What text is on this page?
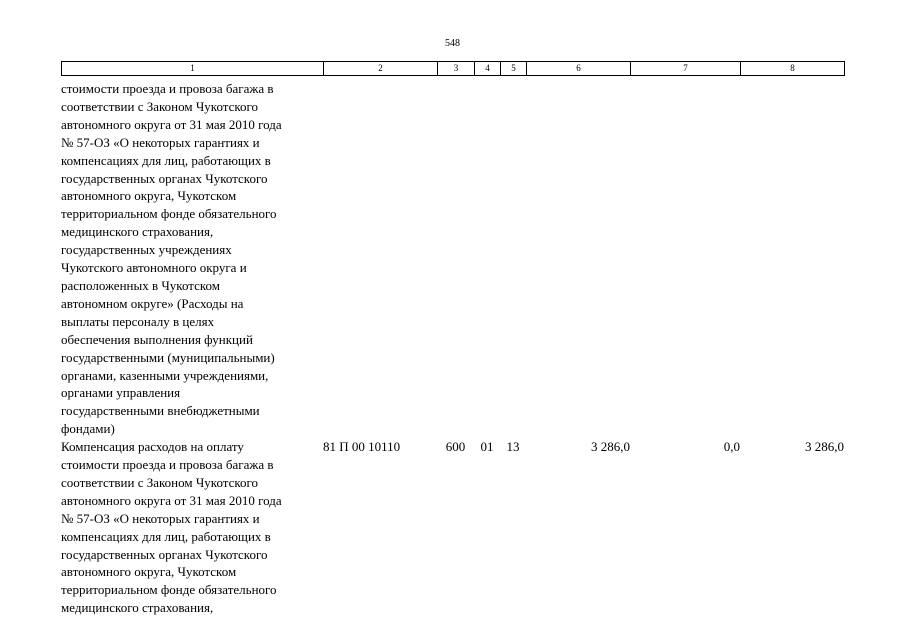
548
1	2	3	4	5	6	7	8
стоимости проезда и провоза багажа в
соответствии с Законом Чукотского
автономного округа от 31 мая 2010 года
№ 57-ОЗ «О некоторых гарантиях и
компенсациях для лиц, работающих в
государственных органах Чукотского
автономного округа, Чукотском
территориальном фонде обязательного
медицинского страхования,
государственных учреждениях
Чукотского автономного округа и
расположенных в Чукотском
автономном округе» (Расходы на
выплаты персоналу в целях
обеспечения выполнения функций
государственными (муниципальными)
органами, казенными учреждениями,
органами управления
государственными внебюджетными
фондами)
Компенсация расходов на оплату
стоимости проезда и провоза багажа в
соответствии с Законом Чукотского
автономного округа от 31 мая 2010 года
№ 57-ОЗ «О некоторых гарантиях и
компенсациях для лиц, работающих в
государственных органах Чукотского
автономного округа, Чукотском
территориальном фонде обязательного
медицинского страхования,
81 П 00 10110	600	01	13	3 286,0	0,0	3 286,0
